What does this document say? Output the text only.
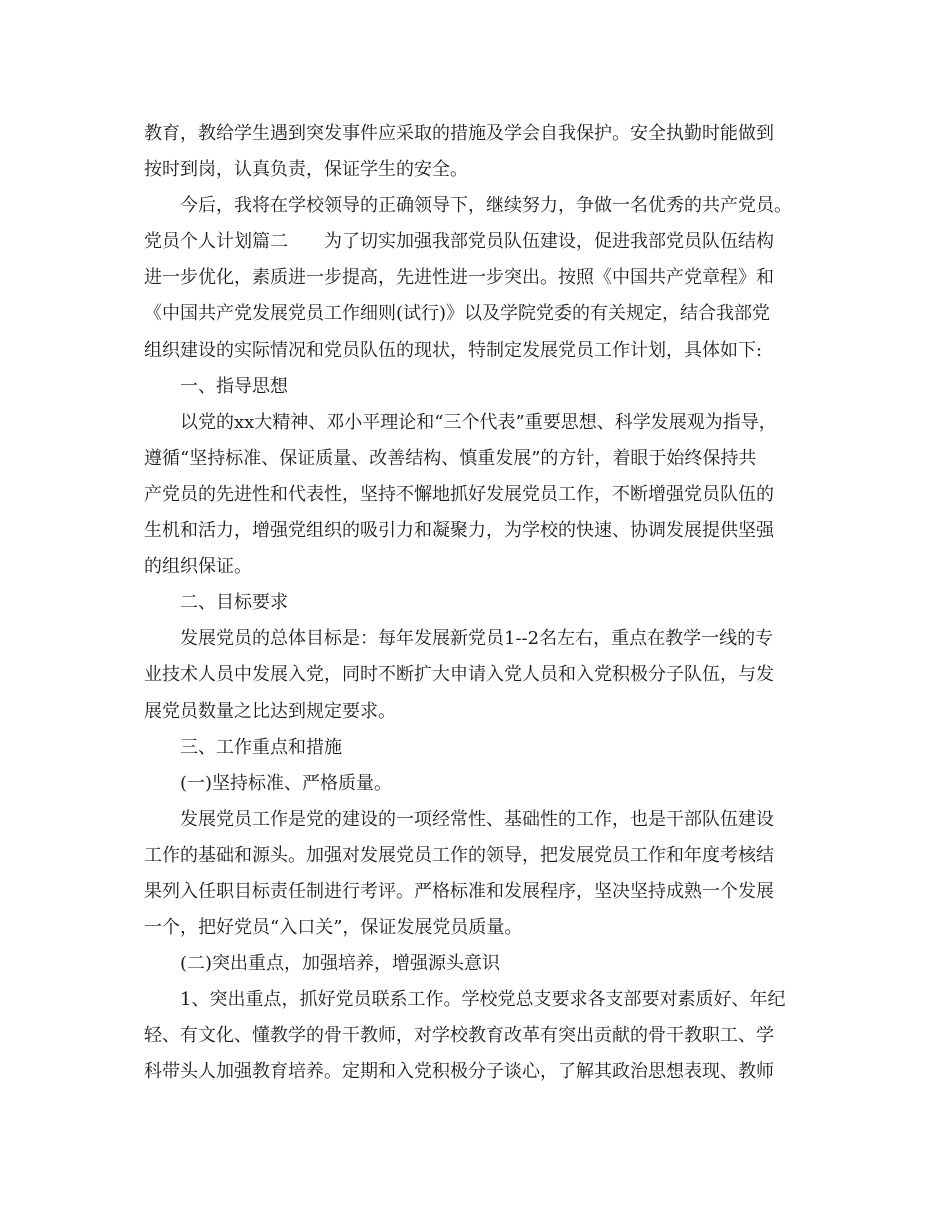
教育，教给学生遇到突发事件应采取的措施及学会自我保护。安全执勤时能做到
按时到岗，认真负责，保证学生的安全。
今后，我将在学校领导的正确领导下，继续努力，争做一名优秀的共产党员。
党员个人计划篇二　　为了切实加强我部党员队伍建设，促进我部党员队伍结构
进一步优化，素质进一步提高，先进性进一步突出。按照《中国共产党章程》和
《中国共产党发展党员工作细则(试行)》以及学院党委的有关规定，结合我部党
组织建设的实际情况和党员队伍的现状，特制定发展党员工作计划，具体如下:
一、指导思想
以党的xx大精神、邓小平理论和“三个代表”重要思想、科学发展观为指导，
遵循“坚持标准、保证质量、改善结构、慎重发展”的方针，着眼于始终保持共
产党员的先进性和代表性，坚持不懈地抓好发展党员工作，不断增强党员队伍的
生机和活力，增强党组织的吸引力和凝聚力，为学校的快速、协调发展提供坚强
的组织保证。
二、目标要求
发展党员的总体目标是：每年发展新党员1--2名左右，重点在教学一线的专
业技术人员中发展入党，同时不断扩大申请入党人员和入党积极分子队伍，与发
展党员数量之比达到规定要求。
三、工作重点和措施
(一)坚持标准、严格质量。
发展党员工作是党的建设的一项经常性、基础性的工作，也是干部队伍建设
工作的基础和源头。加强对发展党员工作的领导，把发展党员工作和年度考核结
果列入任职目标责任制进行考评。严格标准和发展程序，坚决坚持成熟一个发展
一个，把好党员“入口关”，保证发展党员质量。
(二)突出重点，加强培养，增强源头意识
1、突出重点，抓好党员联系工作。学校党总支要求各支部要对素质好、年纪
轻、有文化、懂教学的骨干教师，对学校教育改革有突出贡献的骨干教职工、学
科带头人加强教育培养。定期和入党积极分子谈心，了解其政治思想表现、教师
